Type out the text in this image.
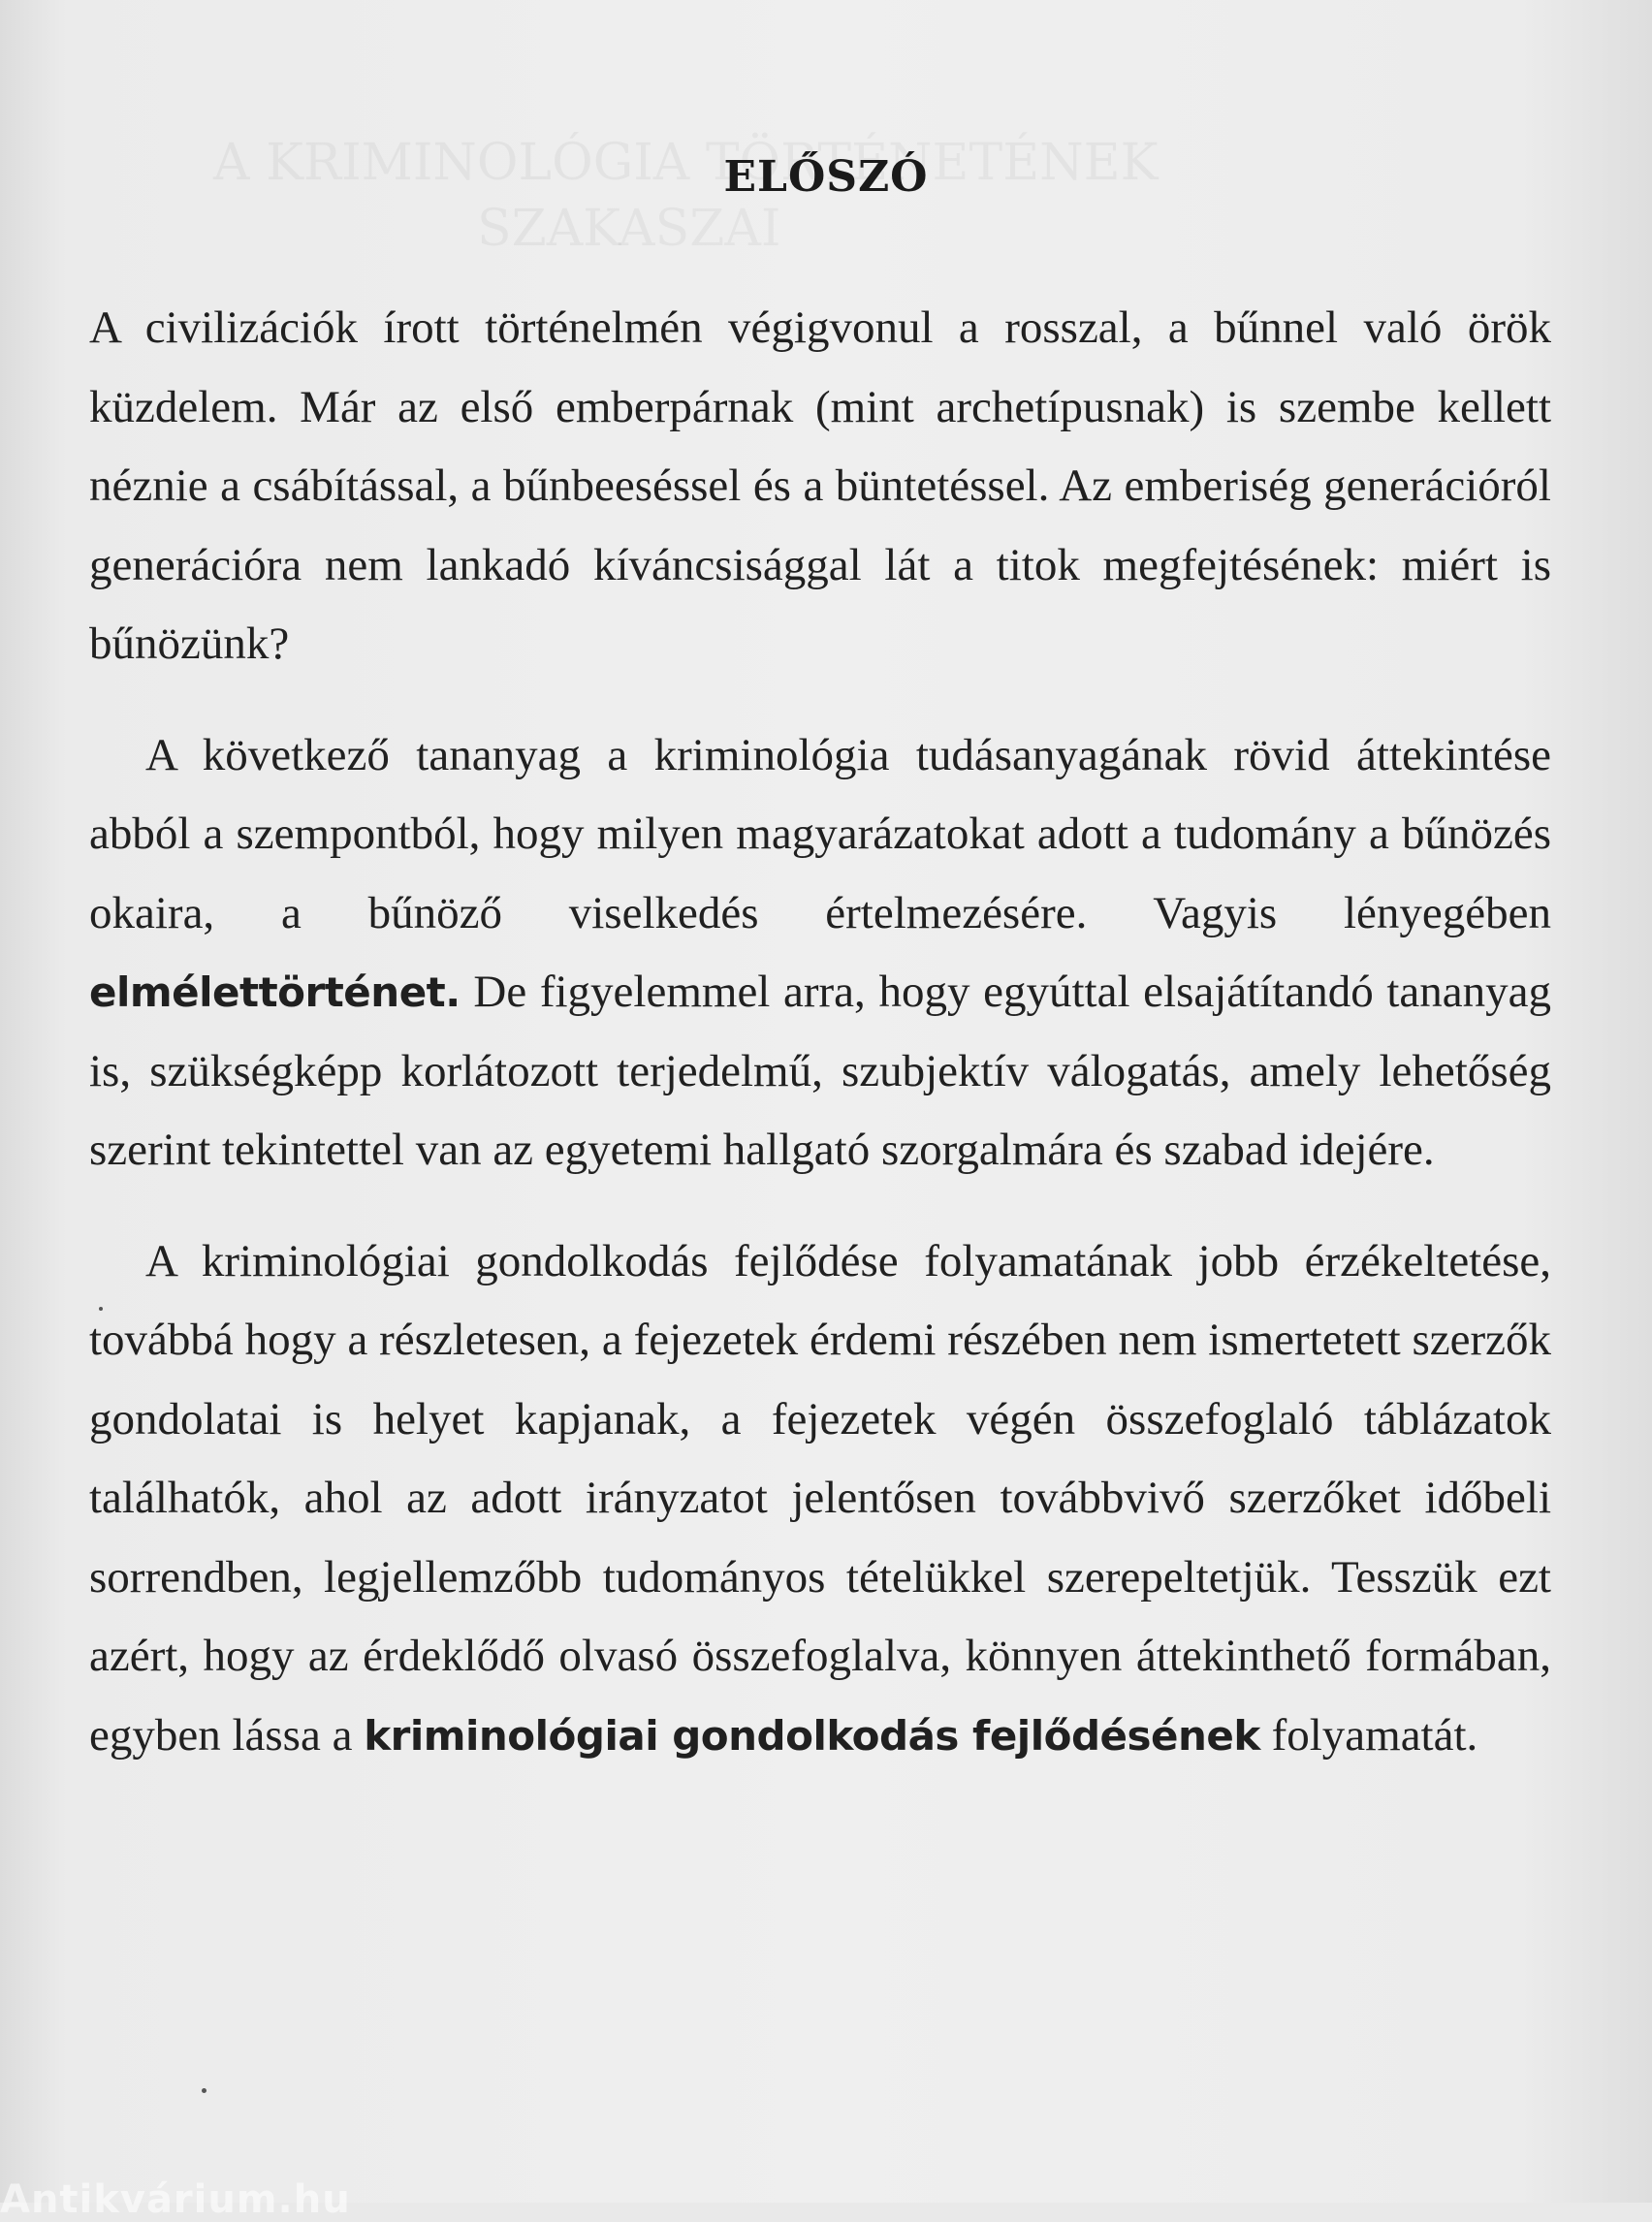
ELŐSZÓ

A civilizációk írott történelmén végigvonul a rosszal, a bűnnel való örök küzdelem. Már az első emberpárnak (mint archetípusnak) is szembe kellett néznie a csábítással, a bűnbeeséssel és a büntetéssel. Az emberiség generációról generációra nem lankadó kíváncsisággal lát a titok megfejtésének: miért is bűnözünk?

A következő tananyag a kriminológia tudásanyagának rövid áttekintése abból a szempontból, hogy milyen magyarázatokat adott a tudomány a bűnözés okaira, a bűnöző viselkedés értelmezésére. Vagyis lényegében elmélettörténet. De figyelemmel arra, hogy egyúttal elsajátítandó tananyag is, szükségképp korlátozott terjedelmű, szubjektív válogatás, amely lehetőség szerint tekintettel van az egyetemi hallgató szorgalmára és szabad idejére.

A kriminológiai gondolkodás fejlődése folyamatának jobb érzékeltetése, továbbá hogy a részletesen, a fejezetek érdemi részében nem ismertetett szerzők gondolatai is helyet kapjanak, a fejezetek végén összefoglaló táblázatok találhatók, ahol az adott irányzatot jelentősen továbbvivő szerzőket időbeli sorrendben, legjellemzőbb tudományos tételükkel szerepeltetjük. Tesszük ezt azért, hogy az érdeklődő olvasó összefoglalva, könnyen áttekinthető formában, egyben lássa a kriminológiai gondolkodás fejlődésének folyamatát.

Antikvárium.hu
